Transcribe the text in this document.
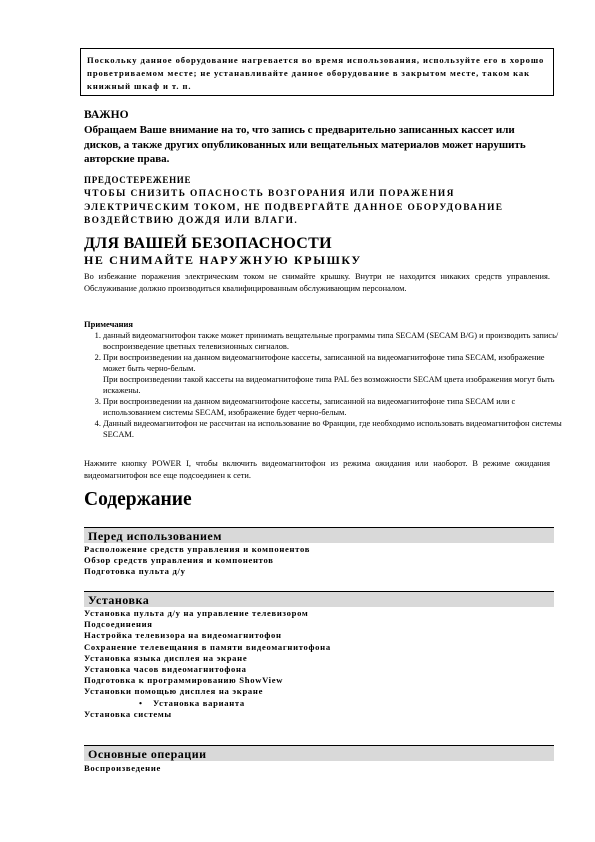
Поскольку данное оборудование нагревается во время использования, используйте его в хорошо проветриваемом месте; не устанавливайте данное оборудование в закрытом месте, таком как книжный шкаф и т. п.
ВАЖНО
Обращаем Ваше внимание на то, что запись с предварительно записанных кассет или дисков, а также других опубликованных или вещательных материалов может нарушить авторские права.
ПРЕДОСТЕРЕЖЕНИЕ
ЧТОБЫ СНИЗИТЬ ОПАСНОСТЬ ВОЗГОРАНИЯ ИЛИ ПОРАЖЕНИЯ ЭЛЕКТРИЧЕСКИМ ТОКОМ, НЕ ПОДВЕРГАЙТЕ ДАННОЕ ОБОРУДОВАНИЕ ВОЗДЕЙСТВИЮ ДОЖДЯ ИЛИ ВЛАГИ.
ДЛЯ ВАШЕЙ БЕЗОПАСНОСТИ
НЕ СНИМАЙТЕ НАРУЖНУЮ КРЫШКУ
Во избежание поражения электрическим током не снимайте крышку. Внутри не находится никаких средств управления. Обслуживание должно производиться квалифицированным обслуживающим персоналом.
Примечания
1. данный видеомагнитофон также может принимать вещательные программы типа SECAM (SECAM B/G) и производить запись/воспроизведение цветных телевизионных сигналов.
2. При воспроизведении на данном видеомагнитофоне кассеты, записанной на видеомагнитофоне типа SECAM, изображение может быть черно-белым.
При воспроизведении такой кассеты на видеомагнитофоне типа PAL без возможности SECAM цвета изображения могут быть искажены.
3. При воспроизведении на данном видеомагнитофоне кассеты, записанной на видеомагнитофоне типа SECAM или с использованием системы SECAM, изображение будет черно-белым.
4. Данный видеомагнитофон не рассчитан на использование во Франции, где необходимо использовать видеомагнитофон системы SECAM.
Нажмите кнопку POWER I, чтобы включить видеомагнитофон из режима ожидания или наоборот. В режиме ожидания видеомагнитофон все еще подсоединен к сети.
Содержание
Перед использованием
Расположение средств управления и компонентов
Обзор средств управления и компонентов
Подготовка пульта д/у
Установка
Установка пульта д/у на управление телевизором
Подсоединения
Настройка телевизора на видеомагнитофон
Сохранение телевещания в памяти видеомагнитофона
Установка языка дисплея на экране
Установка часов видеомагнитофона
Подготовка к программированию ShowView
Установки помощью дисплея на экране
• Установка варианта
Установка системы
Основные операции
Воспроизведение
